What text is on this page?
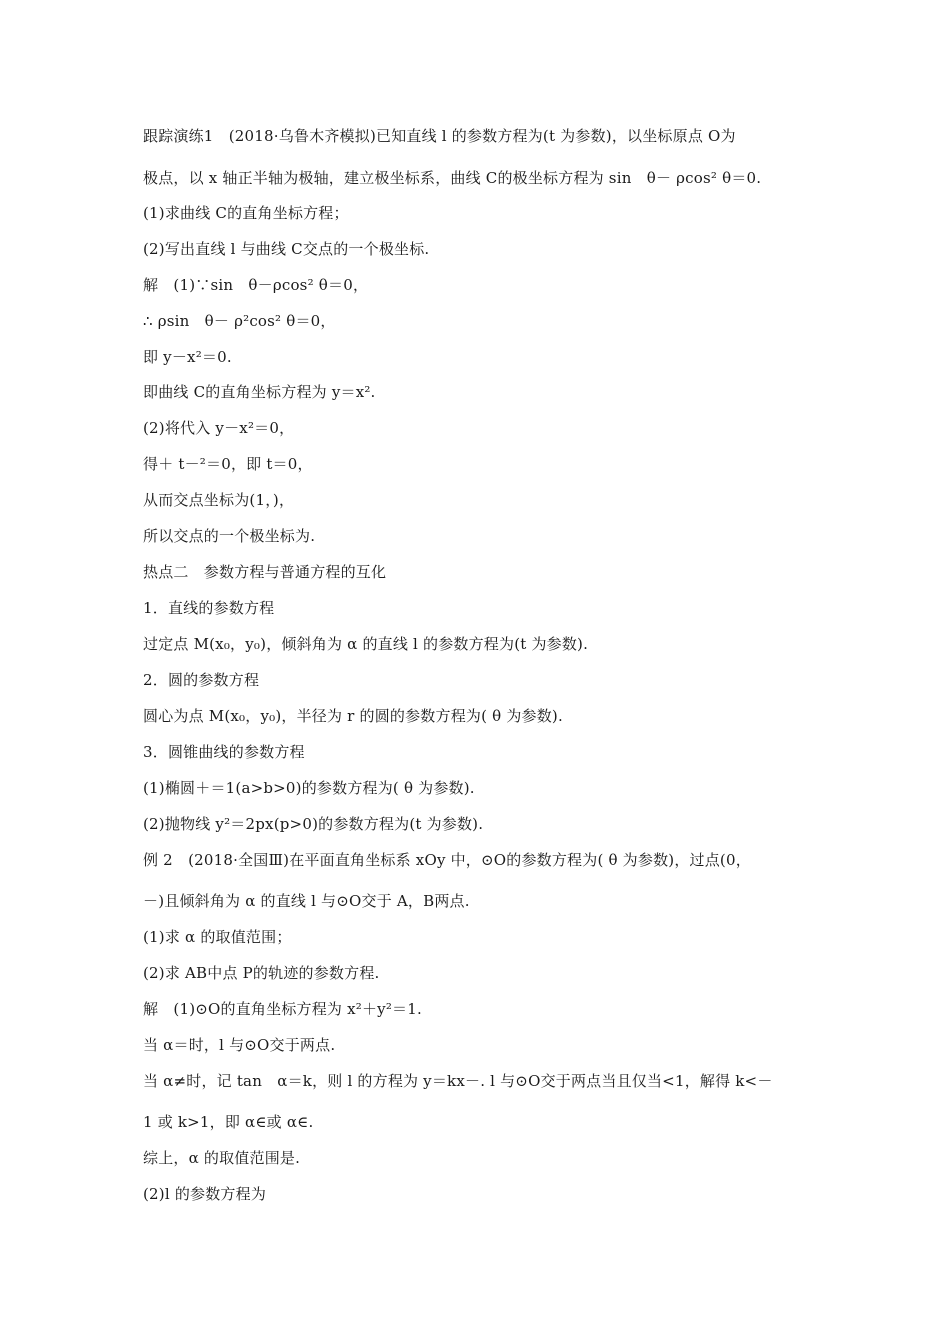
跟踪演练1　(2018·乌鲁木齐模拟)已知直线 l 的参数方程为(t 为参数)，以坐标原点 O为
极点，以 x 轴正半轴为极轴，建立极坐标系，曲线 C的极坐标方程为 sin　θ－ ρcos² θ＝0.
(1)求曲线 C的直角坐标方程；
(2)写出直线 l 与曲线 C交点的一个极坐标.
解　(1)∵sin　θ－ρcos² θ＝0，
∴ ρsin　θ－ ρ²cos² θ＝0，
即 y－x²＝0.
即曲线 C的直角坐标方程为 y＝x².
(2)将代入 y－x²＝0，
得＋ t－²＝0，即 t＝0，
从而交点坐标为(1，)，
所以交点的一个极坐标为.
热点二　参数方程与普通方程的互化
1．直线的参数方程
过定点 M(x₀，y₀)，倾斜角为 α 的直线 l 的参数方程为(t 为参数).
2．圆的参数方程
圆心为点 M(x₀，y₀)，半径为 r 的圆的参数方程为( θ 为参数).
3．圆锥曲线的参数方程
(1)椭圆＋＝1(a>b>0)的参数方程为( θ 为参数).
(2)抛物线 y²＝2px(p>0)的参数方程为(t 为参数).
例 2　(2018·全国Ⅲ)在平面直角坐标系 xOy 中，⊙O的参数方程为( θ 为参数)，过点(0，
－)且倾斜角为 α 的直线 l 与⊙O交于 A，B两点.
(1)求 α 的取值范围；
(2)求 AB中点 P的轨迹的参数方程.
解　(1)⊙O的直角坐标方程为 x²＋y²＝1.
当 α＝时，l 与⊙O交于两点.
当 α≠时，记 tan　α＝k，则 l 的方程为 y＝kx－. l 与⊙O交于两点当且仅当<1，解得 k<－
1 或 k>1，即 α∈或 α∈.
综上，α 的取值范围是.
(2)l 的参数方程为
